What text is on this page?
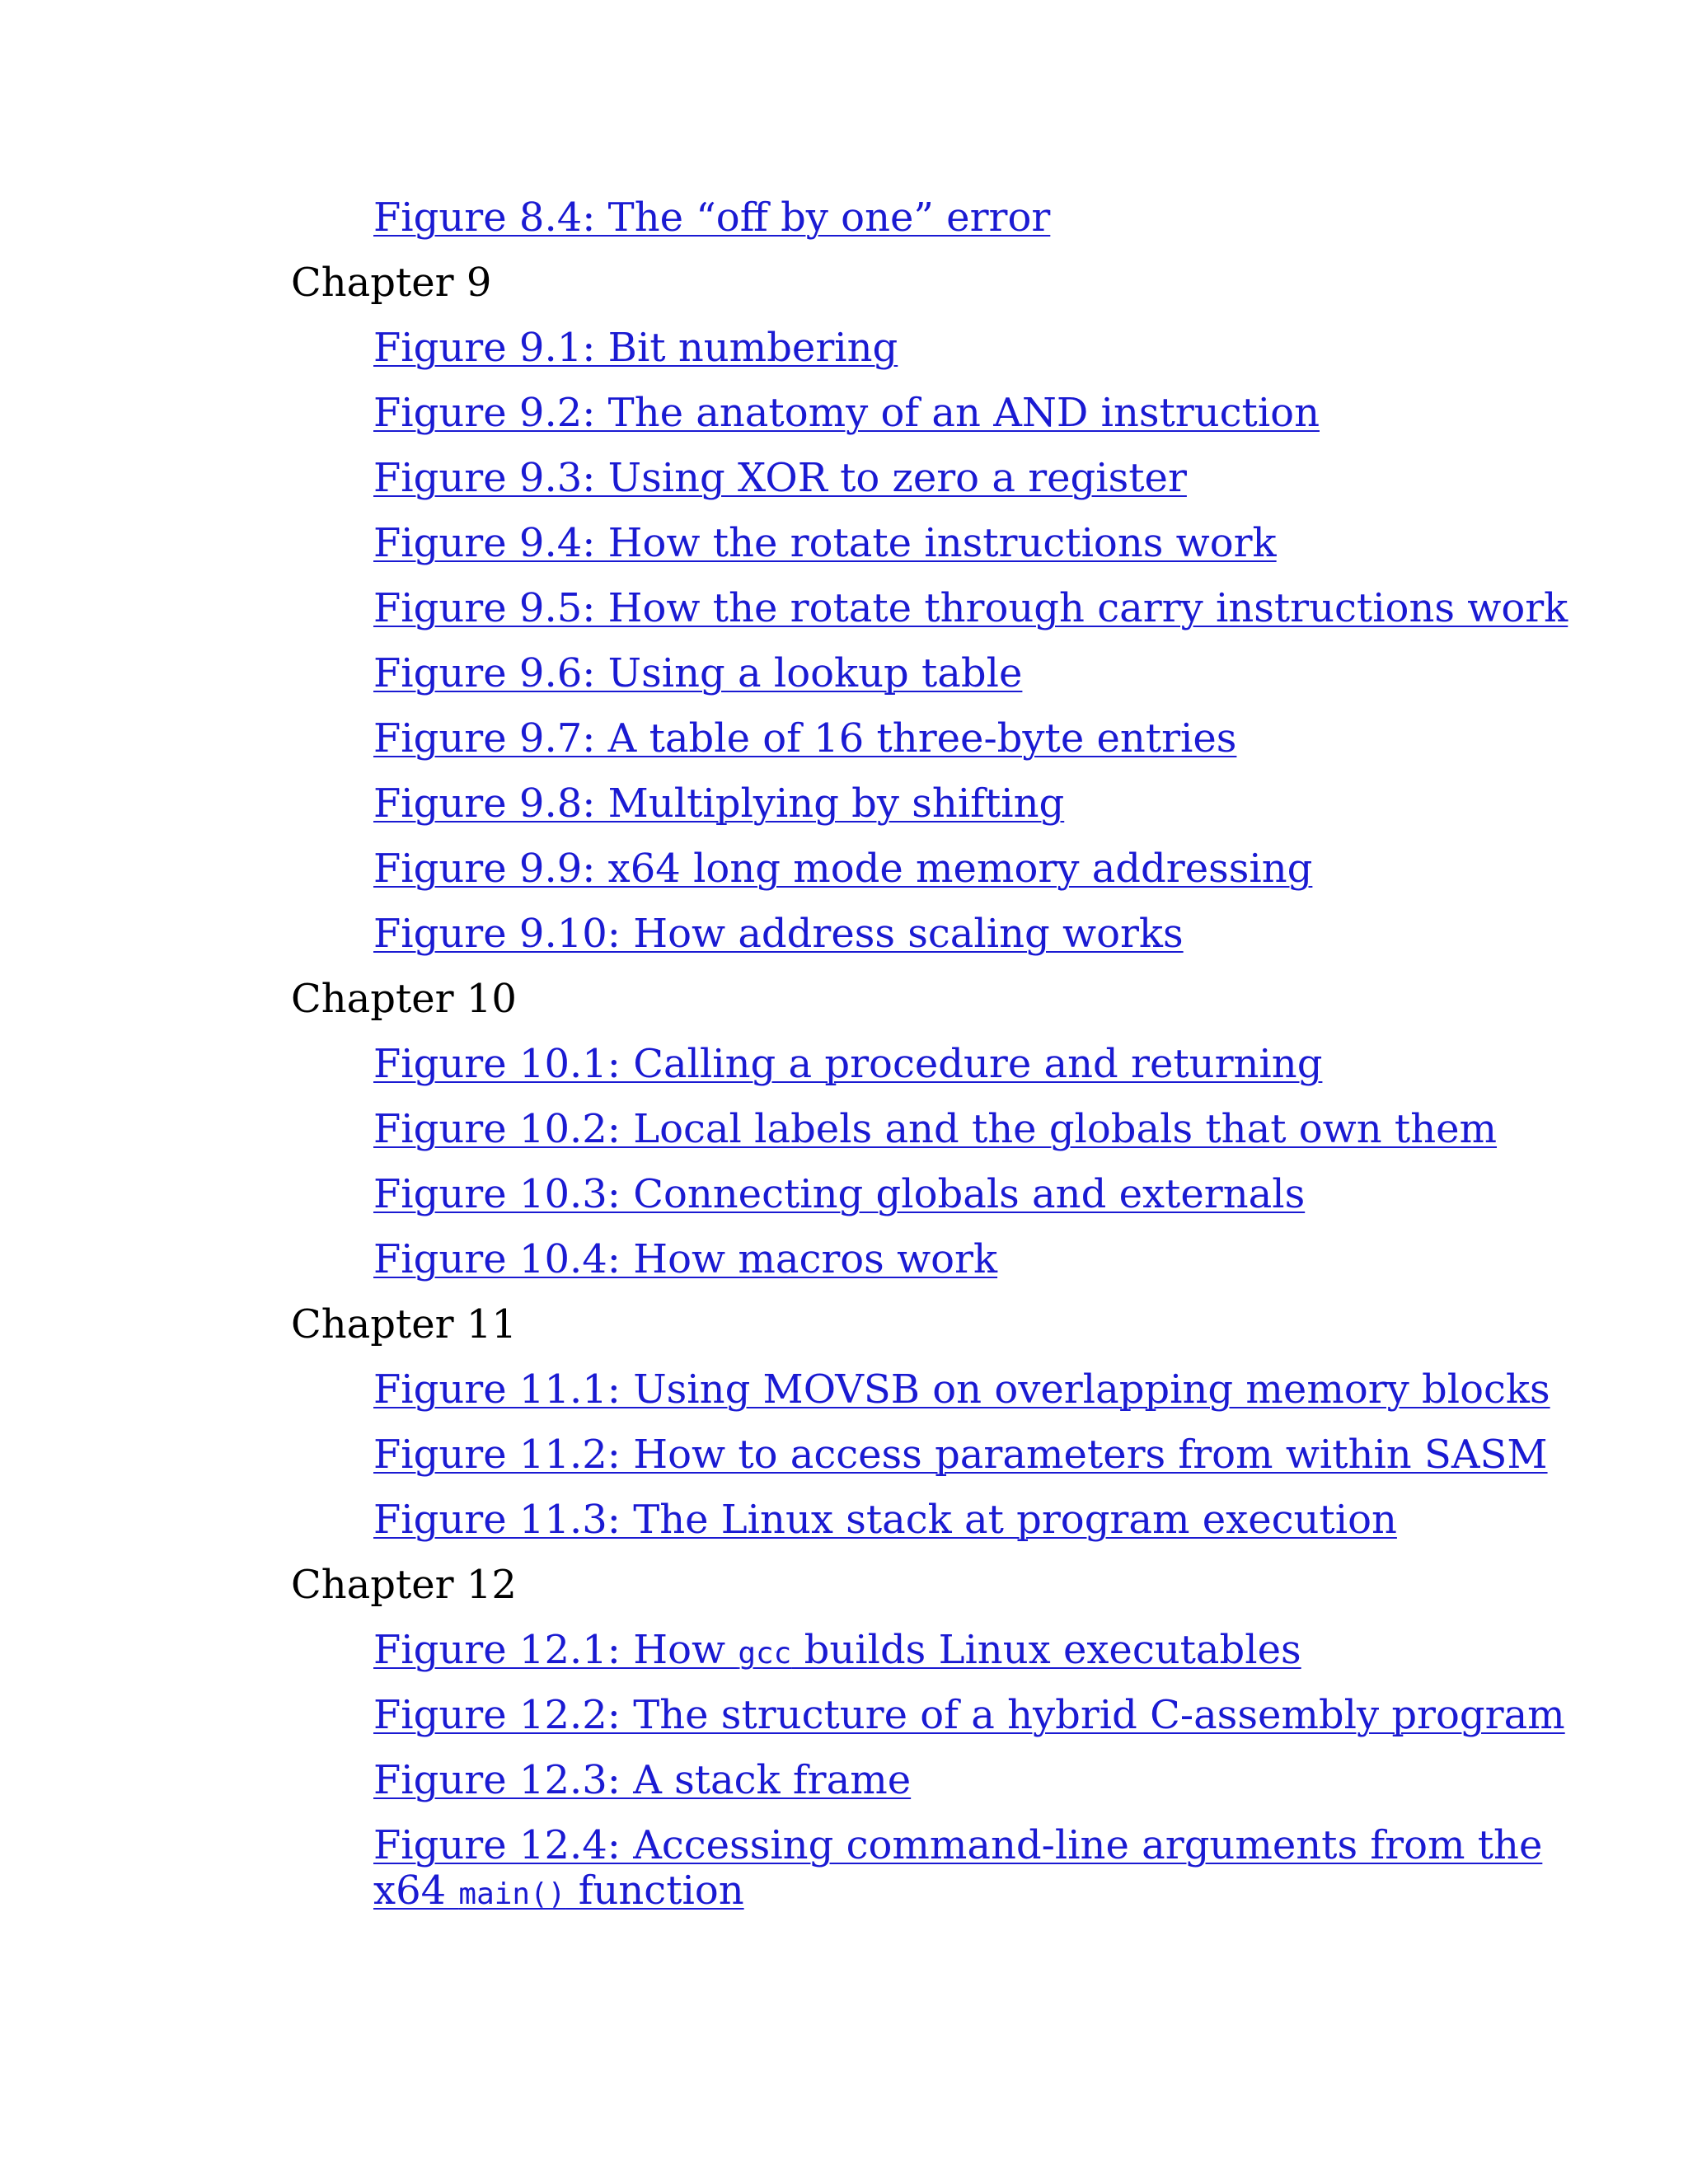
Figure 8.4: The “off by one” error
Chapter 9
Figure 9.1: Bit numbering
Figure 9.2: The anatomy of an AND instruction
Figure 9.3: Using XOR to zero a register
Figure 9.4: How the rotate instructions work
Figure 9.5: How the rotate through carry instructions work
Figure 9.6: Using a lookup table
Figure 9.7: A table of 16 three-byte entries
Figure 9.8: Multiplying by shifting
Figure 9.9: x64 long mode memory addressing
Figure 9.10: How address scaling works
Chapter 10
Figure 10.1: Calling a procedure and returning
Figure 10.2: Local labels and the globals that own them
Figure 10.3: Connecting globals and externals
Figure 10.4: How macros work
Chapter 11
Figure 11.1: Using MOVSB on overlapping memory blocks
Figure 11.2: How to access parameters from within SASM
Figure 11.3: The Linux stack at program execution
Chapter 12
Figure 12.1: How gcc builds Linux executables
Figure 12.2: The structure of a hybrid C-assembly program
Figure 12.3: A stack frame
Figure 12.4: Accessing command-line arguments from the
x64 main() function
